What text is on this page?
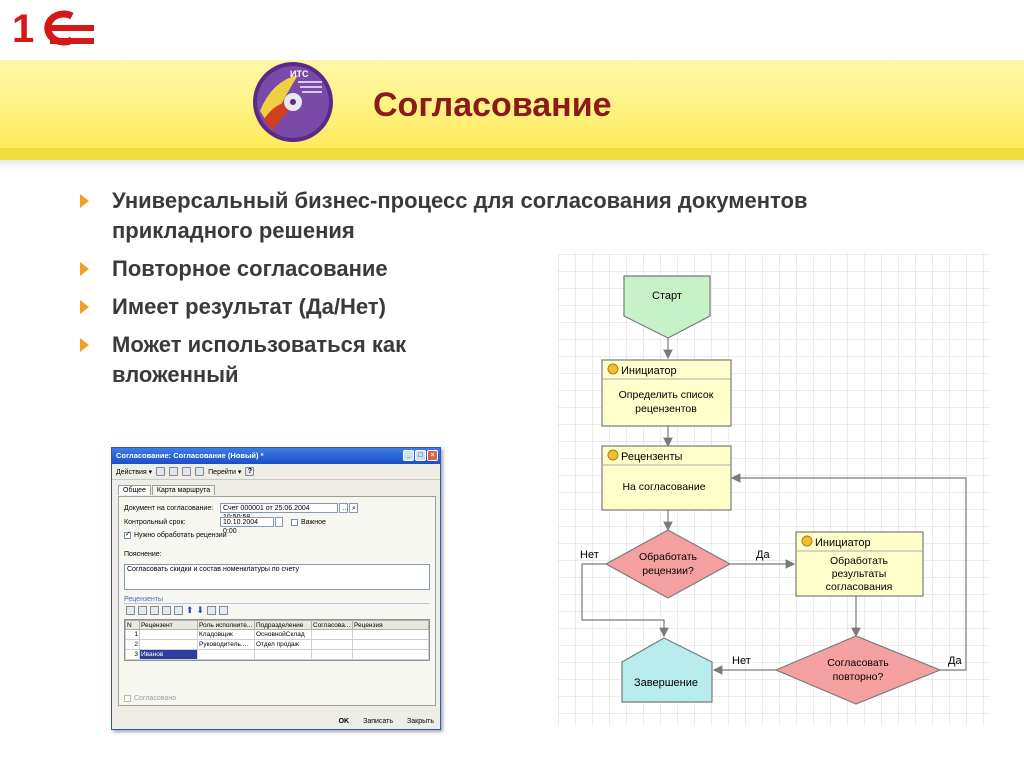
1
ИТС
Согласование
Универсальный бизнес-процесс для согласования документов прикладного решения
Повторное согласование
Имеет результат (Да/Нет)
Может использоваться как вложенный
Согласование: Согласование (Новый) *	_	□	×
Действия ▾	Перейти ▾ ?
Общее	Карта маршрута
Документ на согласование:	Счет 000001 от 25.06.2004	… ⌕
Контрольный срок:	10.10.2004 0:00
Важное
✓
Нужно обработать рецензии
Пояснение:
Согласовать скидки и состав номенклатуры по счету
Рецензенты
⬆ ⬇
N	Рецензент	Роль исполните...	Подразделение	Согласова...	Рецензия
1		Кладовщик	ОсновнойСклад		
2		Руководитель ...	Отдел продаж		
3	Иванов				
Согласовано
OK Записать Закрыть
Старт
Инициатор
Определить список
рецензентов
Рецензенты
На согласование
Обработать
рецензии?
Нет	Да
Инициатор
Обработать
результаты
согласования
Завершение
Согласовать
повторно?
Нет	Да
